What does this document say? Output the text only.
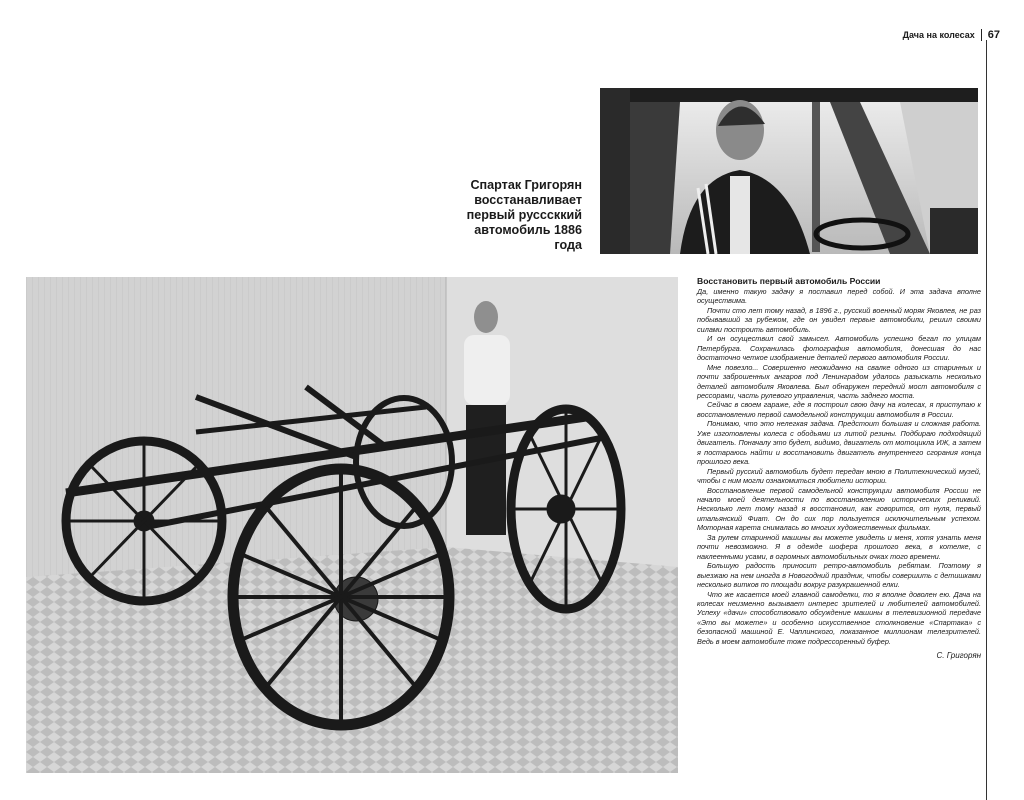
Дача на колесах 67
Спартак Григорян восстанавливает первый русссккий автомобиль 1886 года
Восстановить первый автомобиль России

Да, именно такую задачу я поставил перед собой. И эта задача вполне осуществима.

Почти сто лет тому назад, в 1896 г., русский военный моряк Яковлев, не раз побывавший за рубежом, где он увидел первые автомобили, решил своими силами построить автомобиль.

И он осуществил свой замысел. Автомобиль успешно бегал по улицам Петербурга. Сохранилась фотография автомобиля, донесшая до нас достаточно четкое изображение деталей первого автомобиля России.

Мне повезло... Совершенно неожиданно на свалке одного из старинных и почти заброшенных ангаров под Ленинградом удалось разыскать несколько деталей автомобиля Яковлева. Был обнаружен передний мост автомобиля с рессорами, часть рулевого управления, часть заднего моста.

Сейчас в своем гараже, где я построил свою дачу на колесах, я приступаю к восстановлению первой самодельной конструкции автомобиля в России.

Понимаю, что это нелегкая задача. Предстоит большая и сложная работа. Уже изготовлены колеса с ободьями из литой резины. Подбираю подходящий двигатель. Поначалу это будет, видимо, двигатель от мотоцикла ИЖ, а затем я постараюсь найти и восстановить двигатель внутреннего сгорания конца прошлого века.

Первый русский автомобиль будет передан мною в Политехнический музей, чтобы с ним могли ознакомиться любители истории.

Восстановление первой самодельной конструкции автомобиля России не начало моей деятельности по восстановлению исторических реликвий. Несколько лет тому назад я восстановил, как говорится, от нуля, первый итальянский Фиат. Он до сих пор пользуется исключительным успехом. Моторная карета снималась во многих художественных фильмах.

За рулем старинной машины вы можете увидеть и меня, хотя узнать меня почти невозможно. Я в одежде шофера прошлого века, в котелке, с наклеенными усами, в огромных автомобильных очках того времени.

Большую радость приносит ретро-автомобиль ребятам. Поэтому я выезжаю на нем иногда в Новогодний праздник, чтобы совершить с детишками несколько витков по площади вокруг разукрашенной елки.

Что же касается моей главной самоделки, то я вполне доволен ею. Дача на колесах неизменно вызывает интерес зрителей и любителей автомобилей. Успеху «дачи» способствовало обсуждение машины в телевизионной передаче «Это вы можете» и особенно искусственное столкновение «Спартака» с безопасной машиной Е. Чаплинского, показанное миллионам телезрителей. Ведь в моем автомобиле тоже подрессоренный буфер.

С. Григорян
